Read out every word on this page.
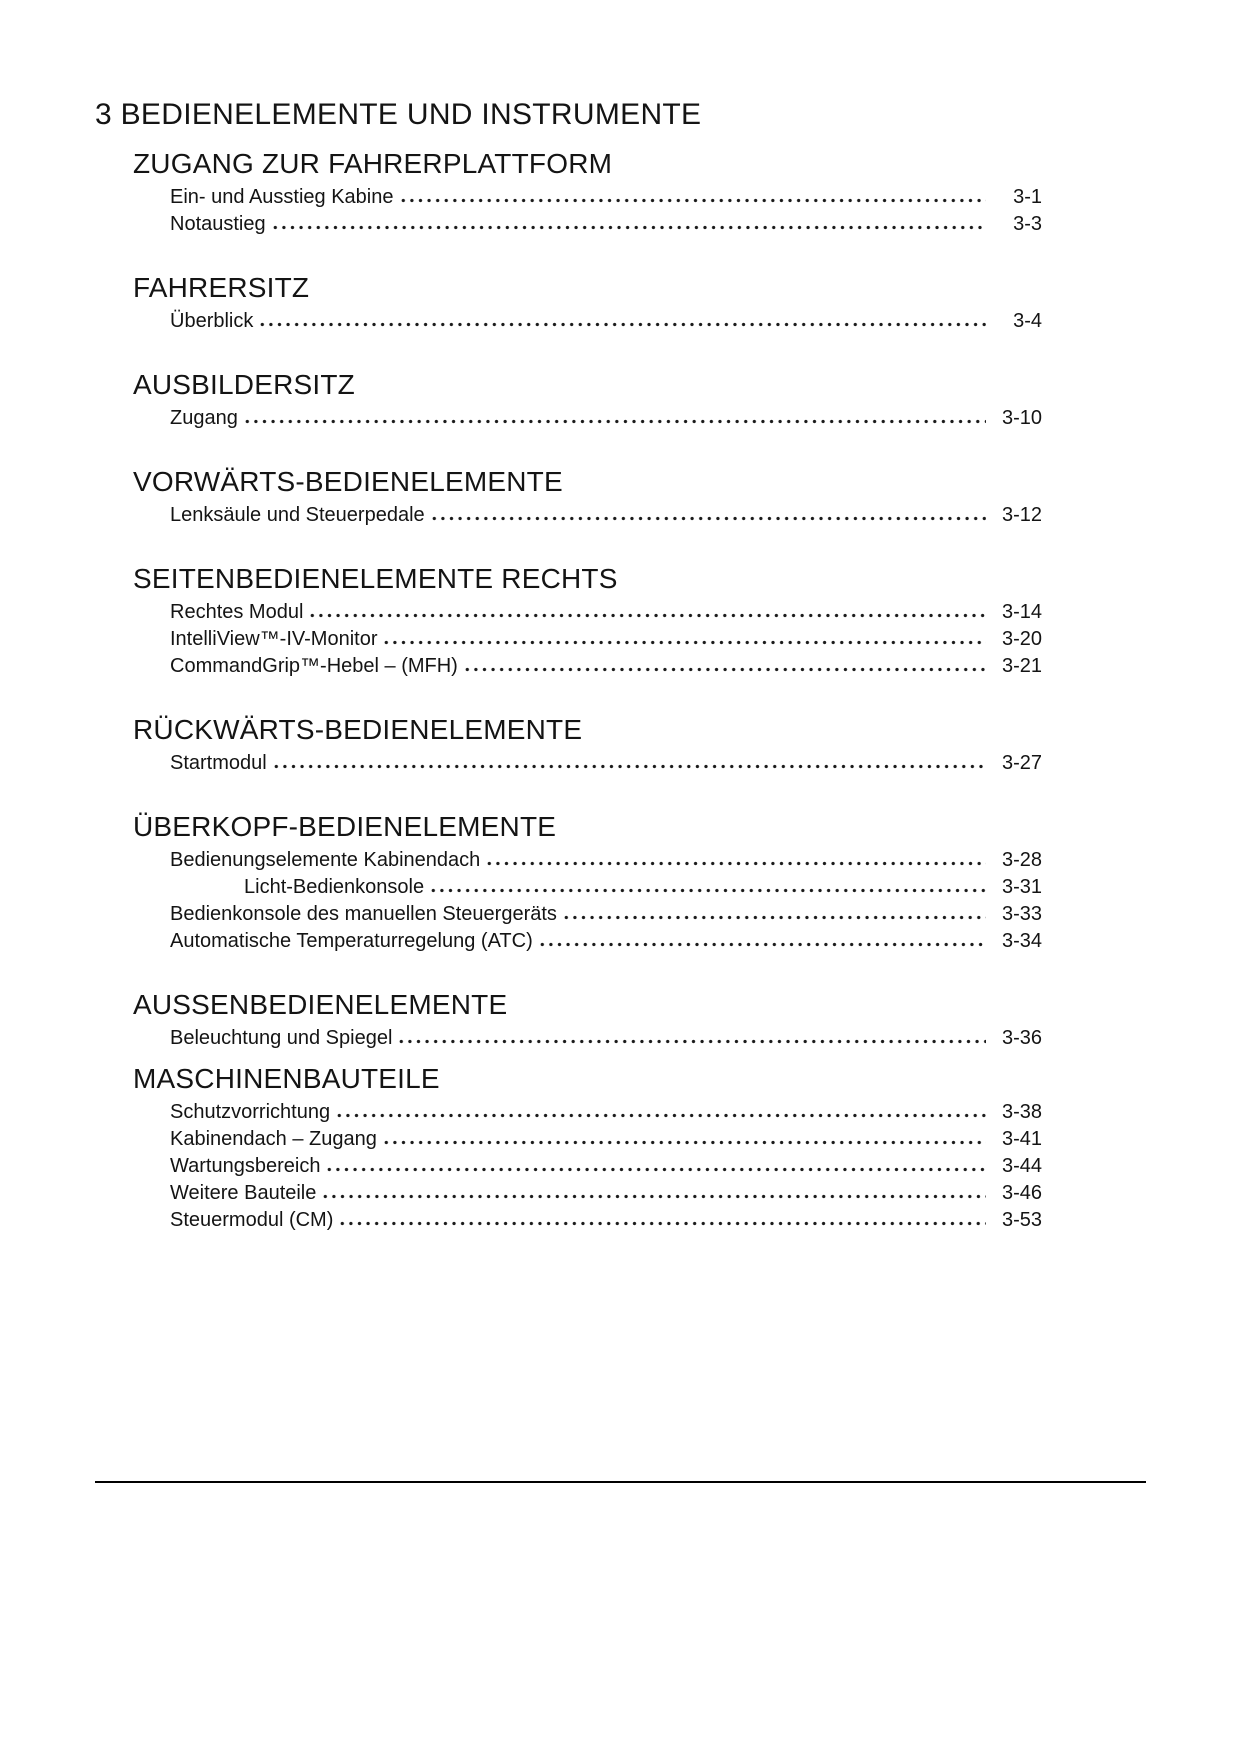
3 BEDIENELEMENTE UND INSTRUMENTE
ZUGANG ZUR FAHRERPLATTFORM
Ein- und Ausstieg Kabine	3-1
Notaustieg	3-3
FAHRERSITZ
Überblick	3-4
AUSBILDERSITZ
Zugang	3-10
VORWÄRTS-BEDIENELEMENTE
Lenksäule und Steuerpedale	3-12
SEITENBEDIENELEMENTE RECHTS
Rechtes Modul	3-14
IntelliView™-IV-Monitor	3-20
CommandGrip™-Hebel – (MFH)	3-21
RÜCKWÄRTS-BEDIENELEMENTE
Startmodul	3-27
ÜBERKOPF-BEDIENELEMENTE
Bedienungselemente Kabinendach	3-28
Licht-Bedienkonsole	3-31
Bedienkonsole des manuellen Steuergeräts	3-33
Automatische Temperaturregelung (ATC)	3-34
AUSSENBEDIENELEMENTE
Beleuchtung und Spiegel	3-36
MASCHINENBAUTEILE
Schutzvorrichtung	3-38
Kabinendach – Zugang	3-41
Wartungsbereich	3-44
Weitere Bauteile	3-46
Steuermodul (CM)	3-53
